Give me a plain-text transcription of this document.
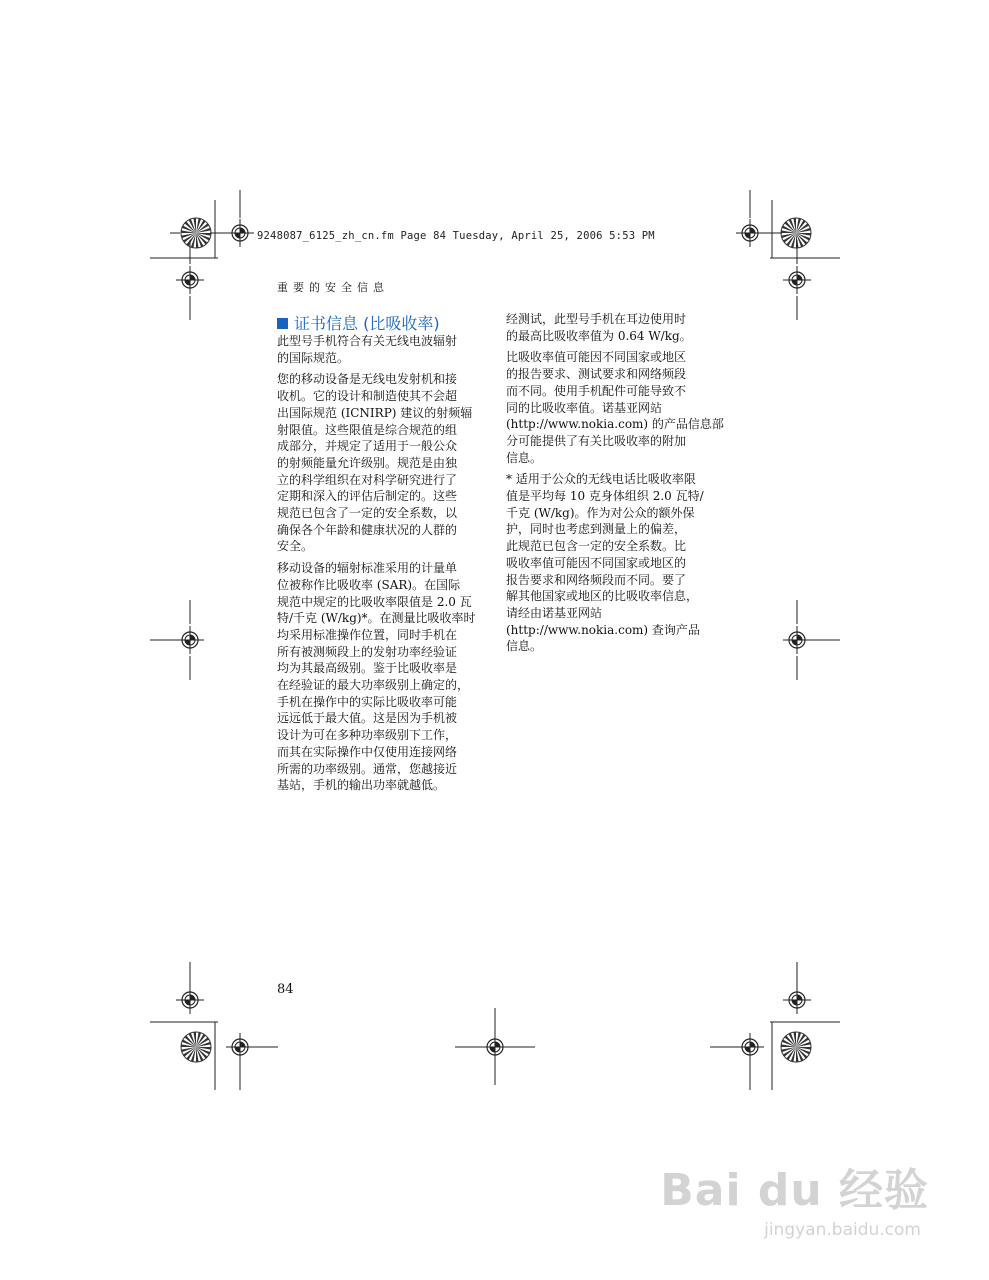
9248087_6125_zh_cn.fm Page 84 Tuesday, April 25, 2006 5:53 PM
重要的安全信息
证书信息 (比吸收率)

此型号手机符合有关无线电波辐射
的国际规范。

您的移动设备是无线电发射机和接
收机。它的设计和制造使其不会超
出国际规范 (ICNIRP) 建议的射频辐
射限值。这些限值是综合规范的组
成部分，并规定了适用于一般公众
的射频能量允许级别。规范是由独
立的科学组织在对科学研究进行了
定期和深入的评估后制定的。这些
规范已包含了一定的安全系数，以
确保各个年龄和健康状况的人群的
安全。

移动设备的辐射标准采用的计量单
位被称作比吸收率 (SAR)。在国际
规范中规定的比吸收率限值是 2.0 瓦
特/千克 (W/kg)*。在测量比吸收率时
均采用标准操作位置，同时手机在
所有被测频段上的发射功率经验证
均为其最高级别。鉴于比吸收率是
在经验证的最大功率级别上确定的，
手机在操作中的实际比吸收率可能
远远低于最大值。这是因为手机被
设计为可在多种功率级别下工作，
而其在实际操作中仅使用连接网络
所需的功率级别。通常，您越接近
基站，手机的输出功率就越低。

经测试，此型号手机在耳边使用时
的最高比吸收率值为 0.64 W/kg。

比吸收率值可能因不同国家或地区
的报告要求、测试要求和网络频段
而不同。使用手机配件可能导致不
同的比吸收率值。诺基亚网站
(http://www.nokia.com) 的产品信息部
分可能提供了有关比吸收率的附加
信息。

* 适用于公众的无线电话比吸收率限
值是平均每 10 克身体组织 2.0 瓦特/
千克 (W/kg)。作为对公众的额外保
护，同时也考虑到测量上的偏差，
此规范已包含一定的安全系数。比
吸收率值可能因不同国家或地区的
报告要求和网络频段而不同。要了
解其他国家或地区的比吸收率信息，
请经由诺基亚网站
(http://www.nokia.com) 查询产品
信息。

84
Bai du 经验
jingyan.baidu.com
